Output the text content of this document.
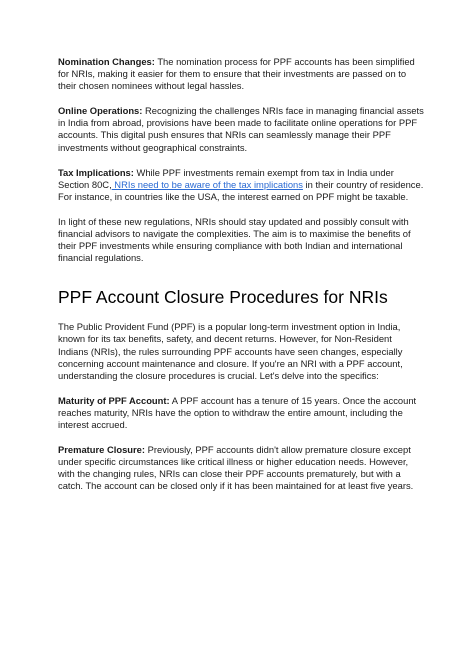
Nomination Changes: The nomination process for PPF accounts has been simplified for NRIs, making it easier for them to ensure that their investments are passed on to their chosen nominees without legal hassles.

Online Operations: Recognizing the challenges NRIs face in managing financial assets in India from abroad, provisions have been made to facilitate online operations for PPF accounts. This digital push ensures that NRIs can seamlessly manage their PPF investments without geographical constraints.

Tax Implications: While PPF investments remain exempt from tax in India under Section 80C, NRIs need to be aware of the tax implications in their country of residence. For instance, in countries like the USA, the interest earned on PPF might be taxable.

In light of these new regulations, NRIs should stay updated and possibly consult with financial advisors to navigate the complexities. The aim is to maximise the benefits of their PPF investments while ensuring compliance with both Indian and international financial regulations.

PPF Account Closure Procedures for NRIs

The Public Provident Fund (PPF) is a popular long-term investment option in India, known for its tax benefits, safety, and decent returns. However, for Non-Resident Indians (NRIs), the rules surrounding PPF accounts have seen changes, especially concerning account maintenance and closure. If you're an NRI with a PPF account, understanding the closure procedures is crucial. Let's delve into the specifics:

Maturity of PPF Account: A PPF account has a tenure of 15 years. Once the account reaches maturity, NRIs have the option to withdraw the entire amount, including the interest accrued.

Premature Closure: Previously, PPF accounts didn't allow premature closure except under specific circumstances like critical illness or higher education needs. However, with the changing rules, NRIs can close their PPF accounts prematurely, but with a catch. The account can be closed only if it has been maintained for at least five years.
